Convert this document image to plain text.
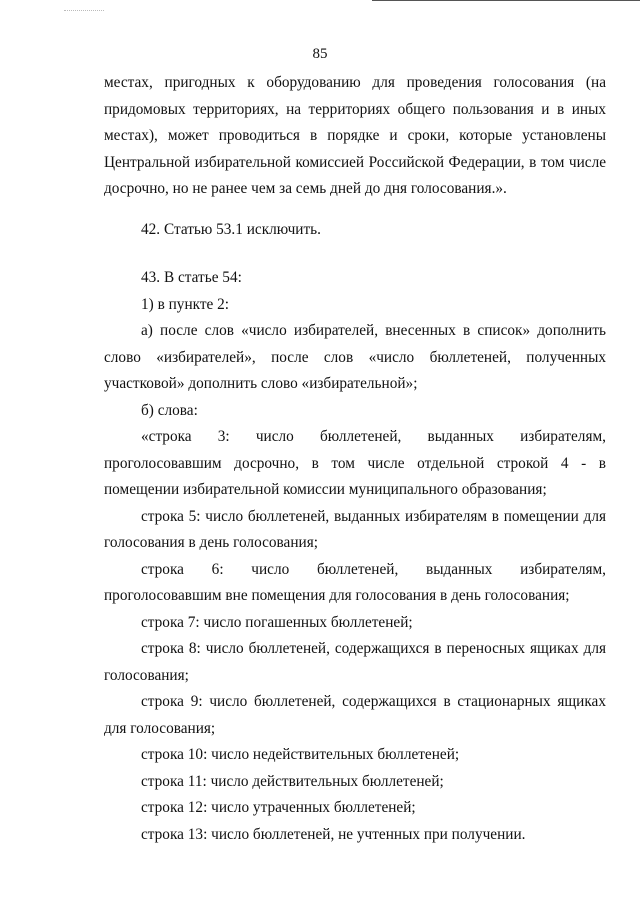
85

местах, пригодных к оборудованию для проведения голосования (на придомовых территориях, на территориях общего пользования и в иных местах), может проводиться в порядке и сроки, которые установлены Центральной избирательной комиссией Российской Федерации, в том числе досрочно, но не ранее чем за семь дней до дня голосования.».

42. Статью 53.1 исключить.

43. В статье 54:

1) в пункте 2:

а) после слов «число избирателей, внесенных в список» дополнить слово «избирателей», после слов «число бюллетеней, полученных участковой» дополнить слово «избирательной»;

б) слова:

«строка 3: число бюллетеней, выданных избирателям, проголосовавшим досрочно, в том числе отдельной строкой 4 - в помещении избирательной комиссии муниципального образования;

строка 5: число бюллетеней, выданных избирателям в помещении для голосования в день голосования;

строка 6: число бюллетеней, выданных избирателям, проголосовавшим вне помещения для голосования в день голосования;

строка 7: число погашенных бюллетеней;

строка 8: число бюллетеней, содержащихся в переносных ящиках для голосования;

строка 9: число бюллетеней, содержащихся в стационарных ящиках для голосования;

строка 10: число недействительных бюллетеней;

строка 11: число действительных бюллетеней;

строка 12: число утраченных бюллетеней;

строка 13: число бюллетеней, не учтенных при получении.
